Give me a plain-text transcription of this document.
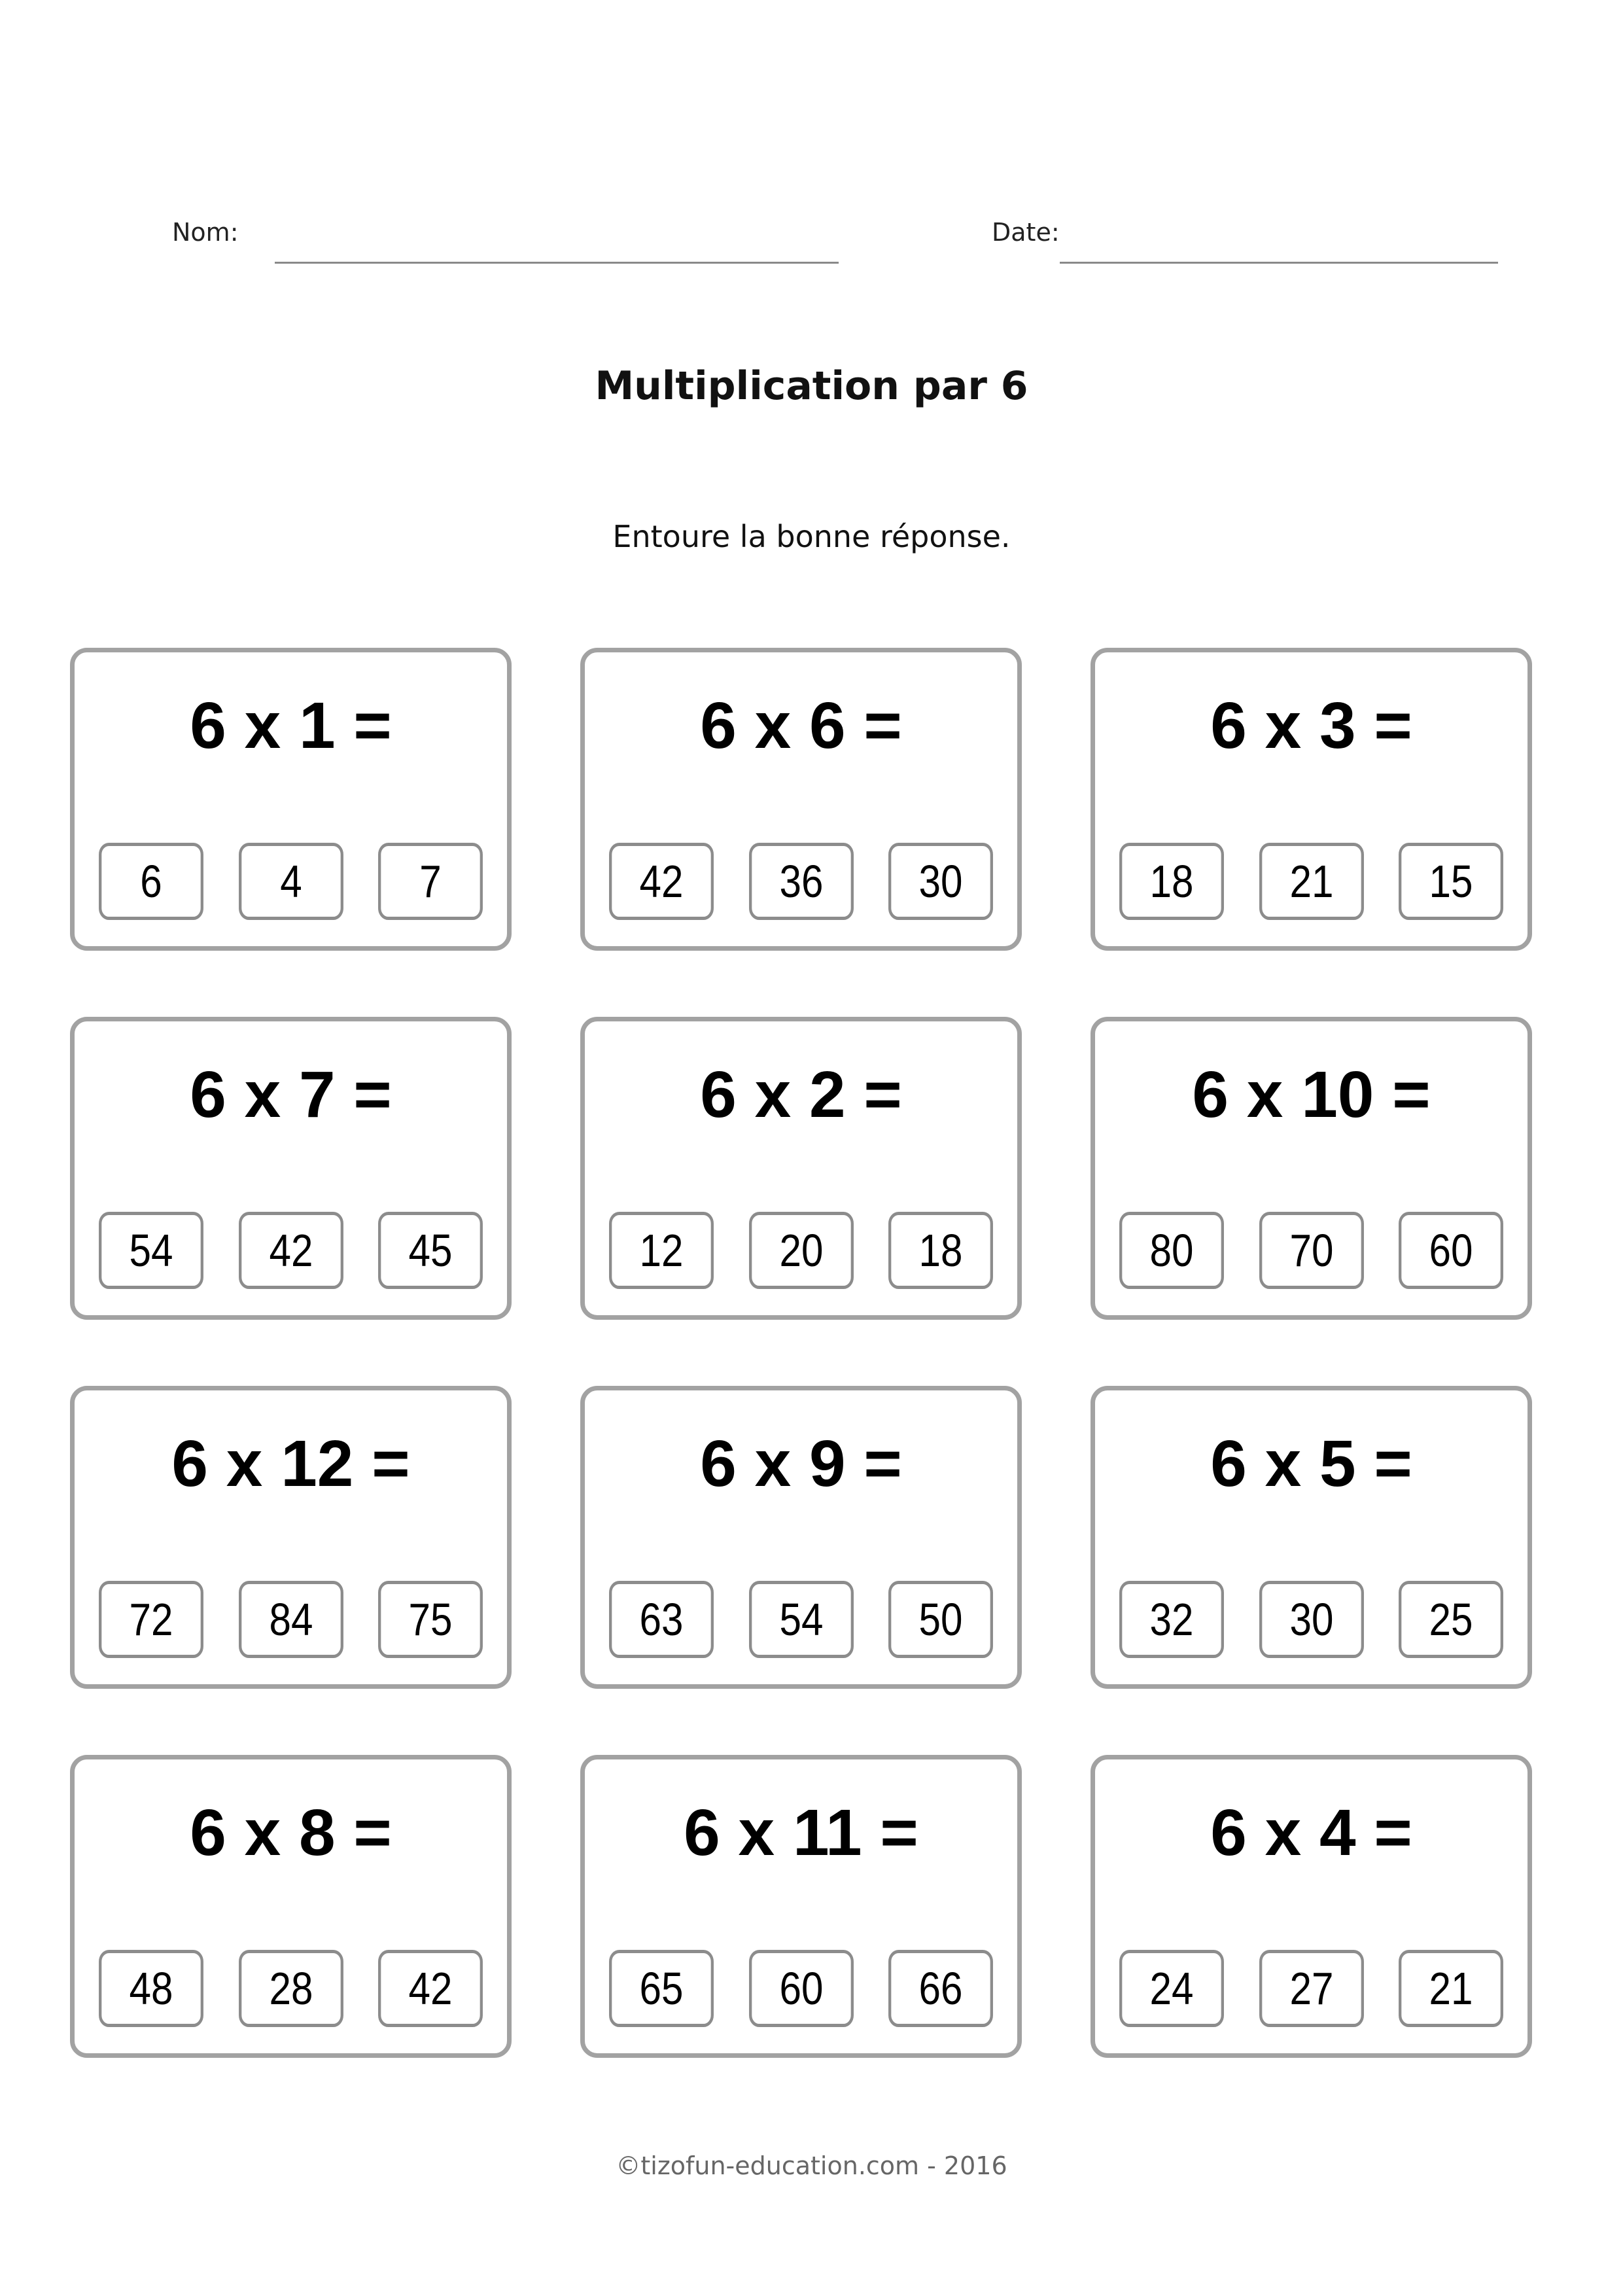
Nom:	Date:
Multiplication par 6
Entoure la bonne réponse.
6 x 1 =
6	4	7
6 x 6 =
42	36	30
6 x 3 =
18	21	15
6 x 7 =
54	42	45
6 x 2 =
12	20	18
6 x 10 =
80	70	60
6 x 12 =
72	84	75
6 x 9 =
63	54	50
6 x 5 =
32	30	25
6 x 8 =
48	28	42
6 x 11 =
65	60	66
6 x 4 =
24	27	21
©tizofun-education.com - 2016
